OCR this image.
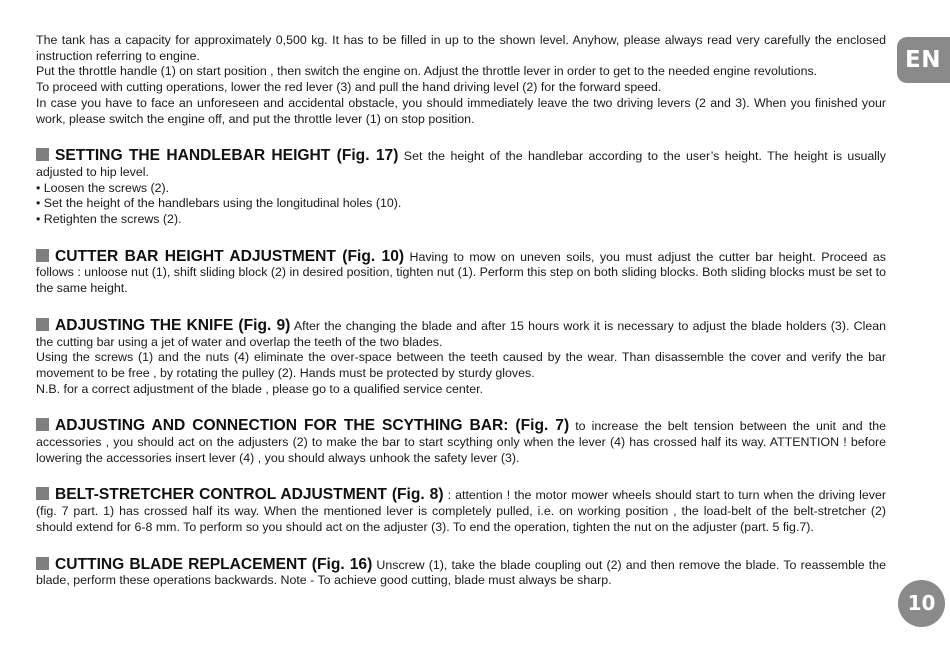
The tank has a capacity for approximately 0,500 kg. It has to be filled in up to the shown level. Anyhow, please always read very carefully the enclosed instruction referring to engine.

Put the throttle handle (1) on start position , then switch the engine on. Adjust the throttle lever in order to get to the needed engine revolutions.

To proceed with cutting operations, lower the red lever (3) and pull the hand driving level (2) for the forward speed.

In case you have to face an unforeseen and accidental obstacle, you should immediately leave the two driving levers (2 and 3). When you finished your work, please switch the engine off, and put the throttle lever (1) on stop position.

SETTING THE HANDLEBAR HEIGHT (Fig. 17) Set the height of the handlebar according to the user’s height. The height is usually adjusted to hip level.

• Loosen the screws (2).

• Set the height of the handlebars using the longitudinal holes (10).

• Retighten the screws (2).

CUTTER BAR HEIGHT ADJUSTMENT (Fig. 10) Having to mow on uneven soils, you must adjust the cutter bar height. Proceed as follows : unloose nut (1), shift sliding block (2) in desired position, tighten nut (1). Perform this step on both sliding blocks. Both sliding blocks must be set to the same height.

ADJUSTING THE KNIFE (Fig. 9) After the changing the blade and after 15 hours work it is necessary to adjust the blade holders (3). Clean the cutting bar using a jet of water and overlap the teeth of the two blades.

Using the screws (1) and the nuts (4) eliminate the over-space between the teeth caused by the wear. Than disassemble the cover and verify the bar movement to be free , by rotating the pulley (2). Hands must be protected by sturdy gloves.

N.B. for a correct adjustment of the blade , please go to a qualified service center.

ADJUSTING AND CONNECTION FOR THE SCYTHING BAR: (Fig. 7) to increase the belt tension between the unit and the accessories , you should act on the adjusters (2) to make the bar to start scything only when the lever (4) has crossed half its way. ATTENTION ! before lowering the accessories insert lever (4) , you should always unhook the safety lever (3).

BELT-STRETCHER CONTROL ADJUSTMENT (Fig. 8) : attention ! the motor mower wheels should start to turn when the driving lever (fig. 7 part. 1) has crossed half its way. When the mentioned lever is completely pulled, i.e. on working position , the load-belt of the belt-stretcher (2) should extend for 6-8 mm. To perform so you should act on the adjuster (3). To end the operation, tighten the nut on the adjuster (part. 5 fig.7).

CUTTING BLADE REPLACEMENT (Fig. 16) Unscrew (1), take the blade coupling out (2) and then remove the blade. To reassemble the blade, perform these operations backwards. Note - To achieve good cutting, blade must always be sharp.

EN
10
